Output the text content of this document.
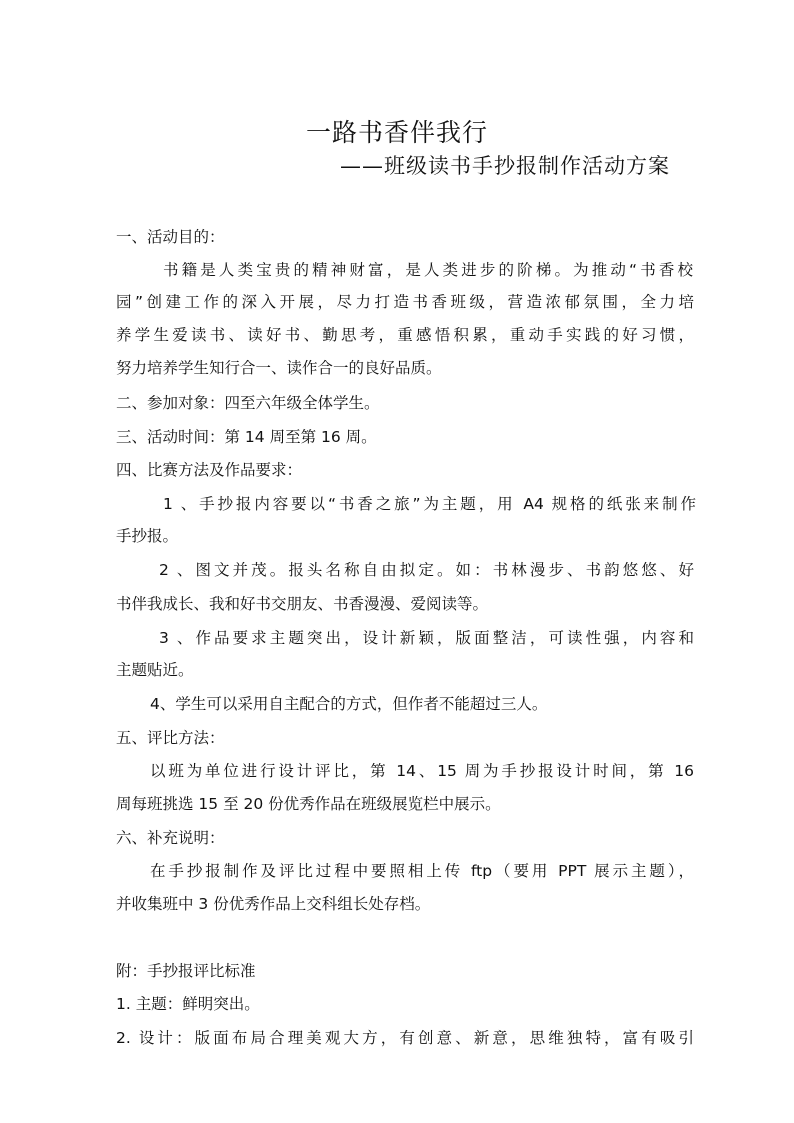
一路书香伴我行
——班级读书手抄报制作活动方案
一、活动目的：
书籍是人类宝贵的精神财富，是人类进步的阶梯。为推动“书香校
园”创建工作的深入开展，尽力打造书香班级，营造浓郁氛围，全力培
养学生爱读书、读好书、勤思考，重感悟积累，重动手实践的好习惯，
努力培养学生知行合一、读作合一的良好品质。
二、参加对象：四至六年级全体学生。
三、活动时间：第 14 周至第 16 周。
四、比赛方法及作品要求：
1 、手抄报内容要以“书香之旅”为主题，用 A4 规格的纸张来制作
手抄报。
2 、图文并茂。报头名称自由拟定。如：书林漫步、书韵悠悠、好
书伴我成长、我和好书交朋友、书香漫漫、爱阅读等。
3 、作品要求主题突出，设计新颖，版面整洁，可读性强，内容和
主题贴近。
4、学生可以采用自主配合的方式，但作者不能超过三人。
五、评比方法：
以班为单位进行设计评比，第 14、15 周为手抄报设计时间，第 16
周每班挑选 15 至 20 份优秀作品在班级展览栏中展示。
六、补充说明：
在手抄报制作及评比过程中要照相上传 ftp（要用 PPT 展示主题），
并收集班中 3 份优秀作品上交科组长处存档。
附：手抄报评比标准
1. 主题：鲜明突出。
2. 设计：版面布局合理美观大方，有创意、新意，思维独特，富有吸引
